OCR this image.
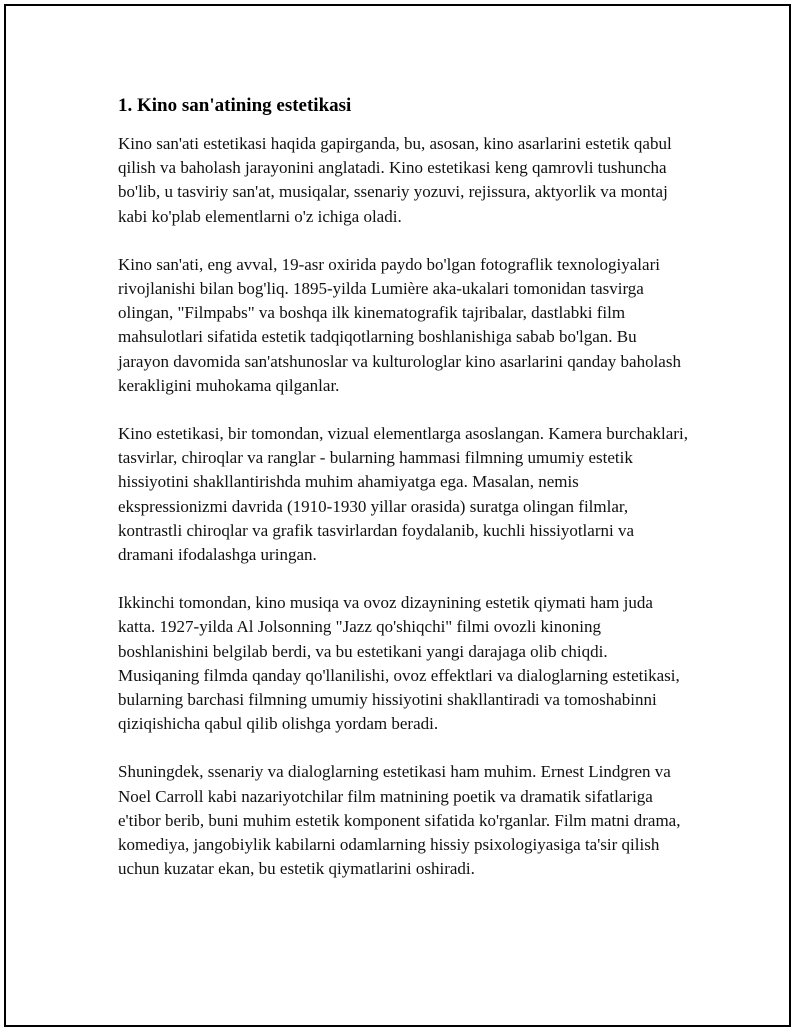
1. Kino san'atining estetikasi

Kino san'ati estetikasi haqida gapirganda, bu, asosan, kino asarlarini estetik qabul qilish va baholash jarayonini anglatadi. Kino estetikasi keng qamrovli tushuncha bo'lib, u tasviriy san'at, musiqalar, ssenariy yozuvi, rejissura, aktyorlik va montaj kabi ko'plab elementlarni o'z ichiga oladi.

Kino san'ati, eng avval, 19-asr oxirida paydo bo'lgan fotograflik texnologiyalari rivojlanishi bilan bog'liq. 1895-yilda Lumière aka-ukalari tomonidan tasvirga olingan, "Filmpabs" va boshqa ilk kinematografik tajribalar, dastlabki film mahsulotlari sifatida estetik tadqiqotlarning boshlanishiga sabab bo'lgan. Bu jarayon davomida san'atshunoslar va kulturologlar kino asarlarini qanday baholash kerakligini muhokama qilganlar.

Kino estetikasi, bir tomondan, vizual elementlarga asoslangan. Kamera burchaklari, tasvirlar, chiroqlar va ranglar - bularning hammasi filmning umumiy estetik hissiyotini shakllantirishda muhim ahamiyatga ega. Masalan, nemis ekspressionizmi davrida (1910-1930 yillar orasida) suratga olingan filmlar, kontrastli chiroqlar va grafik tasvirlardan foydalanib, kuchli hissiyotlarni va dramani ifodalashga uringan.

Ikkinchi tomondan, kino musiqa va ovoz dizaynining estetik qiymati ham juda katta. 1927-yilda Al Jolsonning "Jazz qo'shiqchi" filmi ovozli kinoning boshlanishini belgilab berdi, va bu estetikani yangi darajaga olib chiqdi. Musiqaning filmda qanday qo'llanilishi, ovoz effektlari va dialoglarning estetikasi, bularning barchasi filmning umumiy hissiyotini shakllantiradi va tomoshabinni qiziqishicha qabul qilib olishga yordam beradi.

Shuningdek, ssenariy va dialoglarning estetikasi ham muhim. Ernest Lindgren va Noel Carroll kabi nazariyotchilar film matnining poetik va dramatik sifatlariga e'tibor berib, buni muhim estetik komponent sifatida ko'rganlar. Film matni drama, komediya, jangobiylik kabilarni odamlarning hissiy psixologiyasiga ta'sir qilish uchun kuzatar ekan, bu estetik qiymatlarini oshiradi.
